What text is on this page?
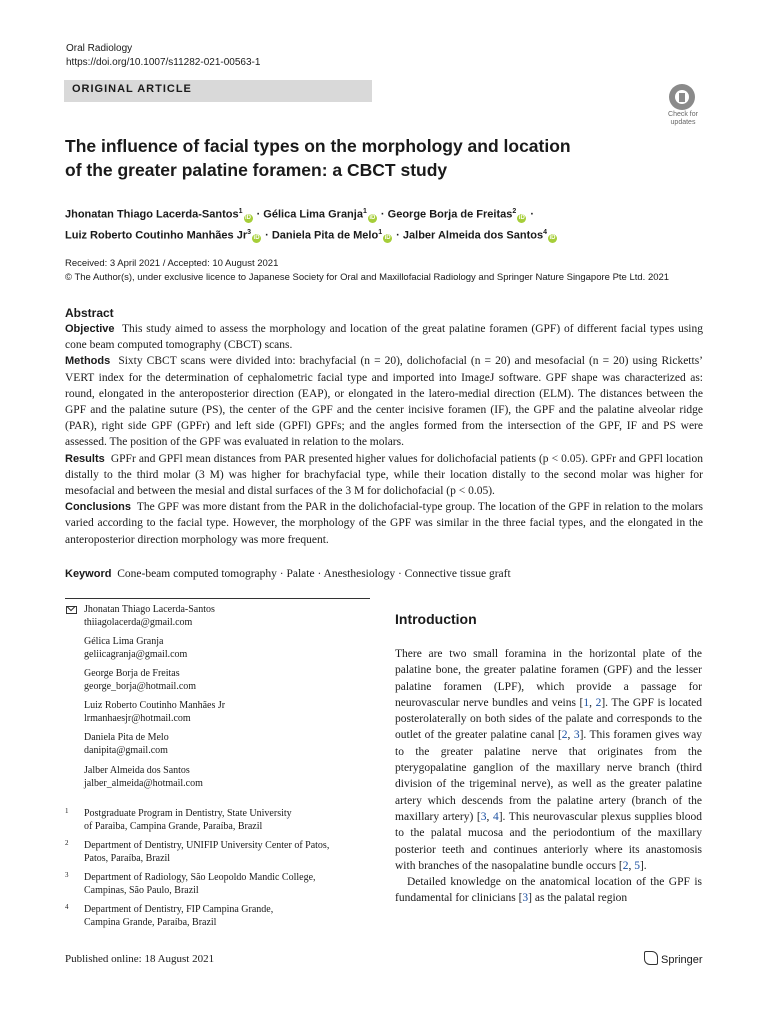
Oral Radiology
https://doi.org/10.1007/s11282-021-00563-1
ORIGINAL ARTICLE
Check for
updates
The influence of facial types on the morphology and location
of the greater palatine foramen: a CBCT study
Jhonatan Thiago Lacerda-Santos$^1$iD · Gélica Lima Granja$^1$iD · George Borja de Freitas$^2$iD ·
Luiz Roberto Coutinho Manhães $Jr^3iD$ · Daniela Pita de Melo$^1$iD · Jalber Almeida dos Santos$^4$iD
Received: 3 April 2021 / Accepted: 10 August 2021
© The Author(s), under exclusive licence to Japanese Society for Oral and Maxillofacial Radiology and Springer Nature Singapore Pte Ltd. 2021
Abstract

Objective This study aimed to assess the morphology and location of the great palatine foramen (GPF) of different facial types using cone beam computed tomography (CBCT) scans.

Methods Sixty CBCT scans were divided into: brachyfacial (n = 20), dolichofacial (n = 20) and mesofacial (n = 20) using Ricketts’ VERT index for the determination of cephalometric facial type and imported into ImageJ software. GPF shape was characterized as: round, elongated in the anteroposterior direction (EAP), or elongated in the latero-medial direction (ELM). The distances between the GPF and the palatine suture (PS), the center of the GPF and the center incisive foramen (IF), the GPF and the palatine alveolar ridge (PAR), right side GPF (GPFr) and left side (GPFl) GPFs; and the angles formed from the intersection of the GPF, IF and PS were assessed. The position of the GPF was evaluated in relation to the molars.

Results GPFr and GPFl mean distances from PAR presented higher values for dolichofacial patients (p < 0.05). GPFr and GPFl location distally to the third molar (3 M) was higher for brachyfacial type, while their location distally to the second molar was higher for mesofacial and between the mesial and distal surfaces of the 3 M for dolichofacial (p < 0.05).

Conclusions The GPF was more distant from the PAR in the dolichofacial-type group. The location of the GPF in relation to the molars varied according to the facial type. However, the morphology of the GPF was similar in the three facial types, and the elongated in the anteroposterior direction morphology was more frequent.

Keyword Cone-beam computed tomography · Palate · Anesthesiology · Connective tissue graft
Jhonatan Thiago Lacerda-Santos
thiiagolacerda@gmail.com
Gélica Lima Granja
geliicagranja@gmail.com
George Borja de Freitas
george_borja@hotmail.com
Luiz Roberto Coutinho Manhães Jr
lrmanhaesjr@hotmail.com
Daniela Pita de Melo
danipita@gmail.com
Jalber Almeida dos Santos
jalber_almeida@hotmail.com
1 Postgraduate Program in Dentistry, State University
of Paraiba, Campina Grande, Paraíba, Brazil
2 Department of Dentistry, UNIFIP University Center of Patos,
Patos, Paraíba, Brazil
3 Department of Radiology, São Leopoldo Mandic College,
Campinas, São Paulo, Brazil
4 Department of Dentistry, FIP Campina Grande,
Campina Grande, Paraíba, Brazil
Introduction

There are two small foramina in the horizontal plate of the palatine bone, the greater palatine foramen (GPF) and the lesser palatine foramen (LPF), which provide a passage for neurovascular nerve bundles and veins [1, 2]. The GPF is located posterolaterally on both sides of the palate and corresponds to the outlet of the greater palatine canal [2, 3]. This foramen gives way to the greater palatine nerve that originates from the pterygopalatine ganglion of the maxillary nerve branch (third division of the trigeminal nerve), as well as the greater palatine artery which descends from the palatine artery (branch of the maxillary artery) [3, 4]. This neurovascular plexus supplies blood to the palatal mucosa and the periodontium of the maxillary posterior teeth and continues anteriorly where its anastomosis with branches of the nasopalatine bundle occurs [2, 5].

Detailed knowledge on the anatomical location of the GPF is fundamental for clinicians [3] as the palatal region

Published online: 18 August 2021	Springer
